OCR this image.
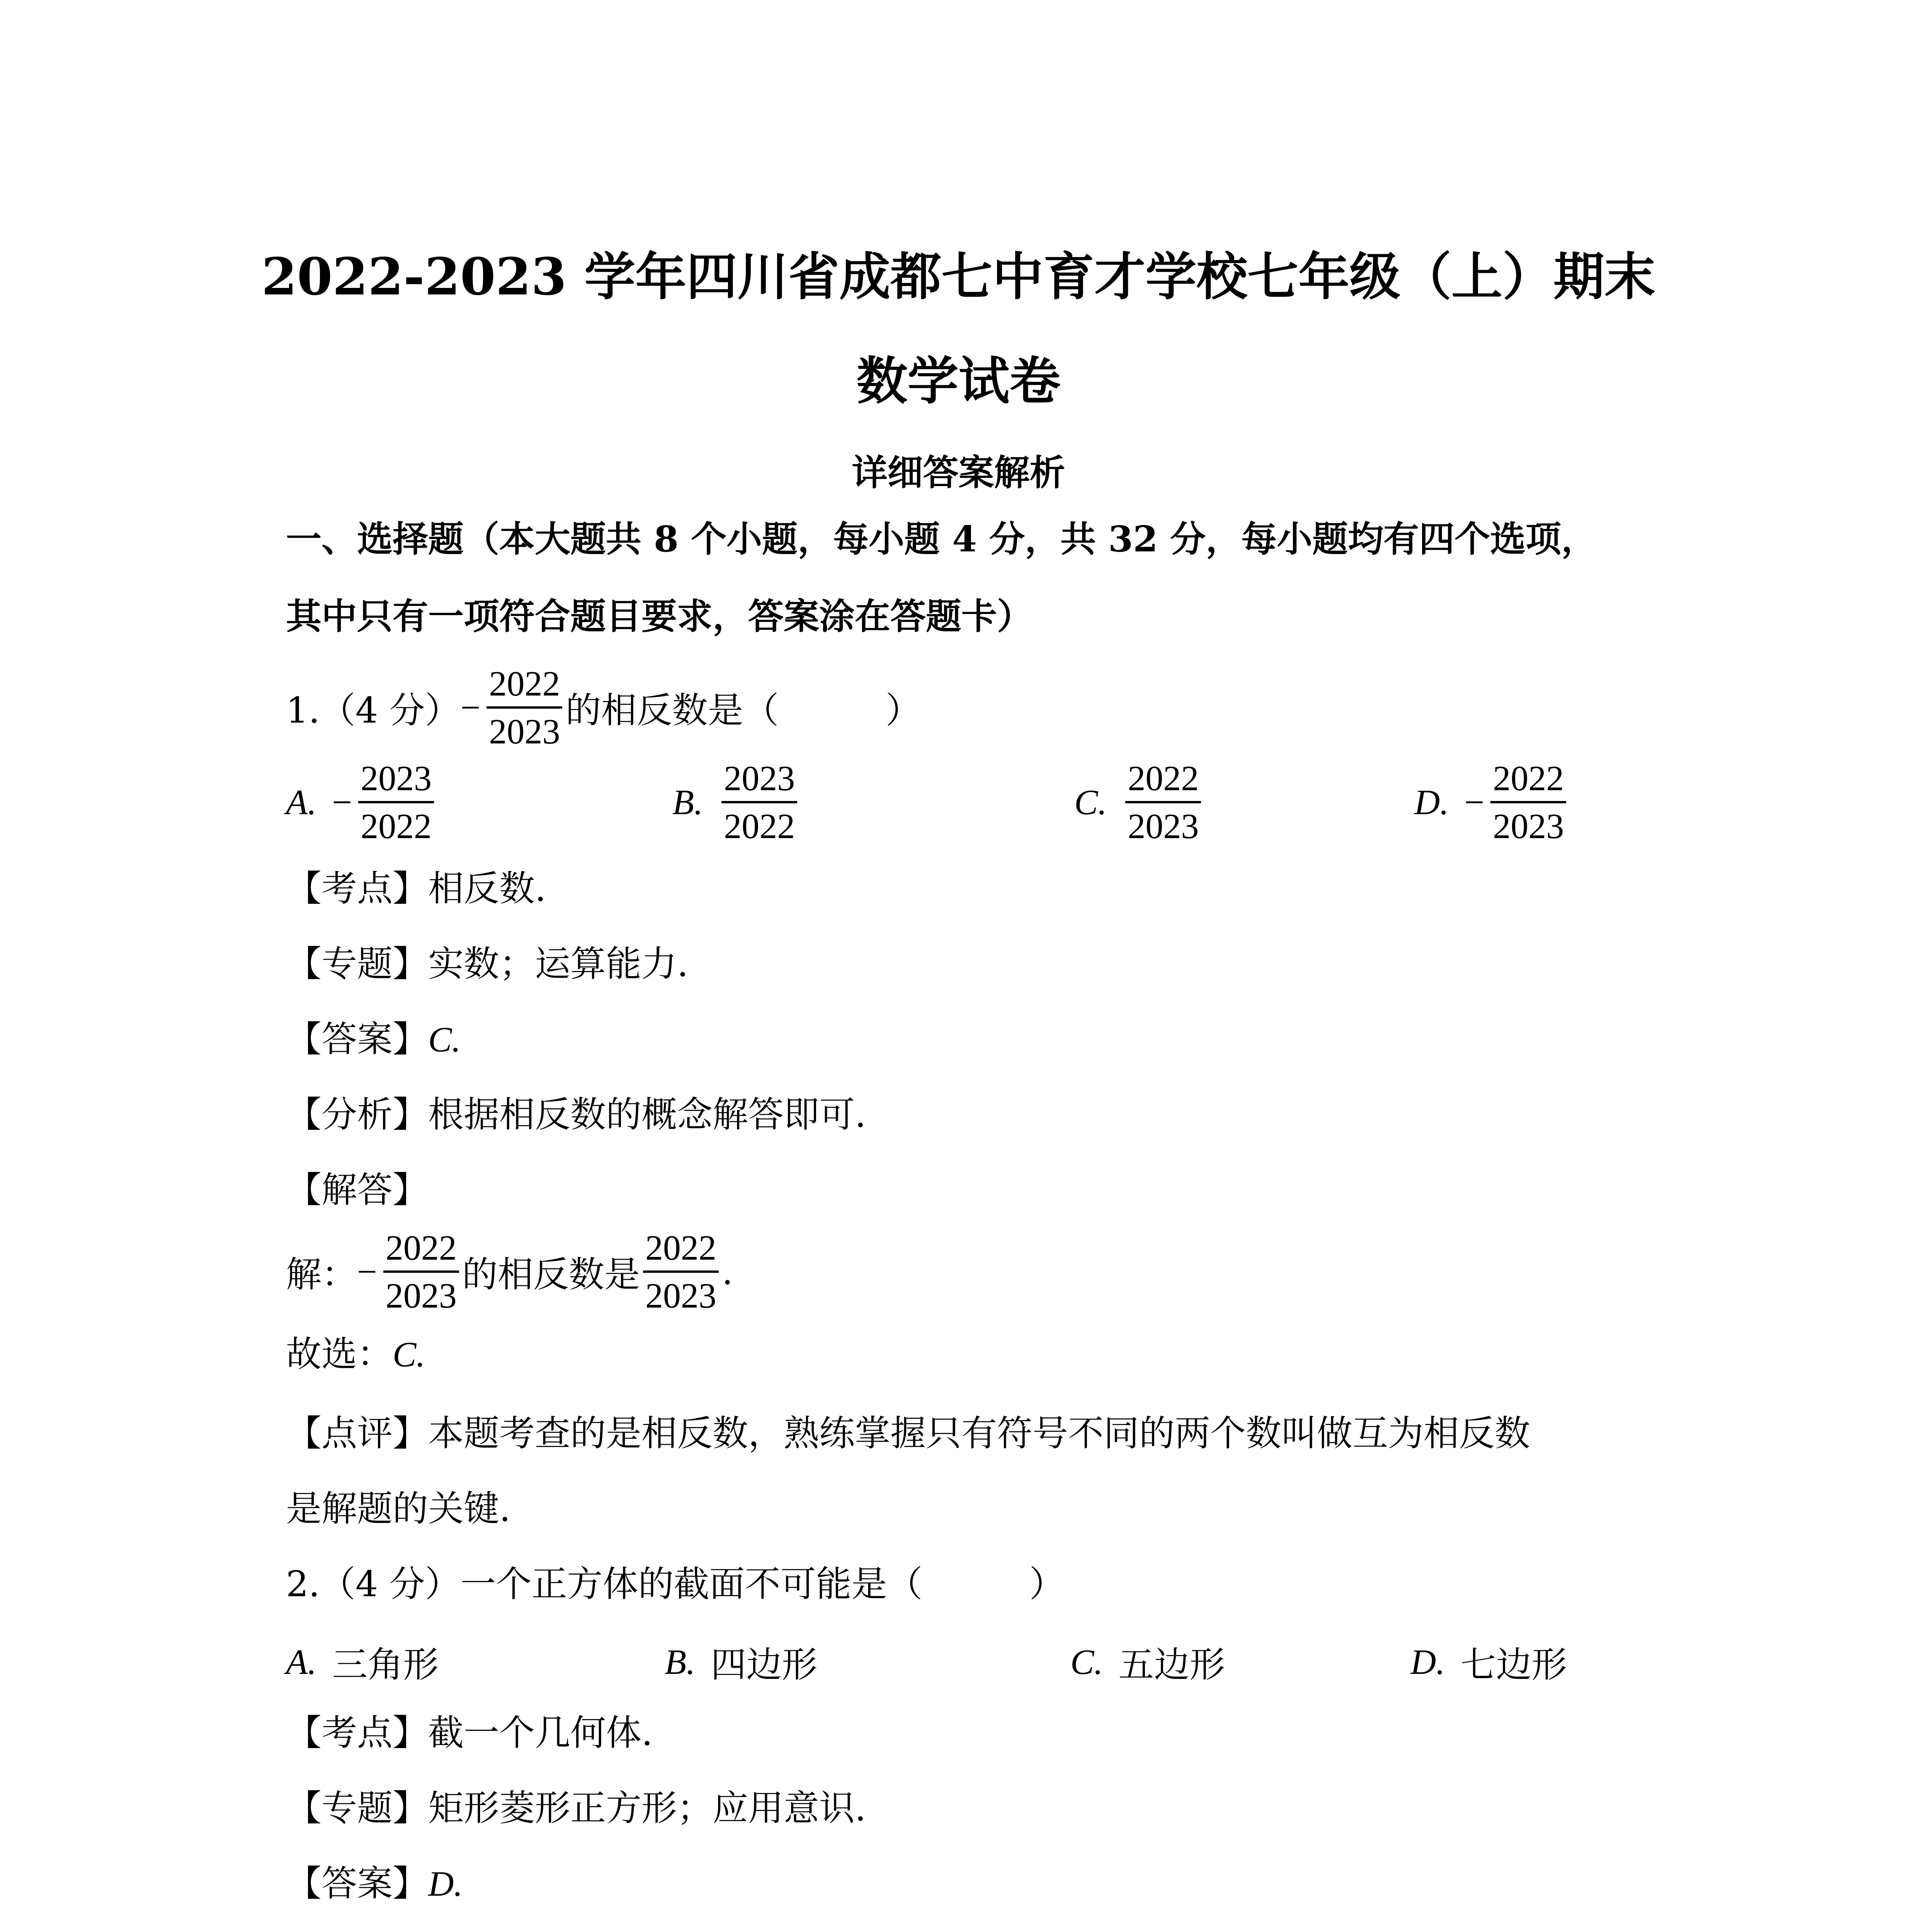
2022-2023 学年四川省成都七中育才学校七年级（上）期末
数学试卷
详细答案解析
一、选择题（本大题共 8 个小题，每小题 4 分，共 32 分，每小题均有四个选项，
其中只有一项符合题目要求，答案涂在答题卡）
1.（4 分） − $\frac{2022}{2023}$ 的相反数是（　　　）
A. − $\frac{2023}{2022}$	B. $\frac{2023}{2022}$	C. $\frac{2022}{2023}$	D. − $\frac{2022}{2023}$
【考点】相反数.
【专题】实数；运算能力.
【答案】C.
【分析】根据相反数的概念解答即可.
【解答】
解： − $\frac{2022}{2023}$ 的相反数是 $\frac{2022}{2023}$ .
故选：C.
【点评】本题考查的是相反数，熟练掌握只有符号不同的两个数叫做互为相反数
是解题的关键.
2.（4 分）一个正方体的截面不可能是（　　　）
A. 三角形	B. 四边形	C. 五边形	D. 七边形
【考点】截一个几何体.
【专题】矩形菱形正方形；应用意识.
【答案】D.
